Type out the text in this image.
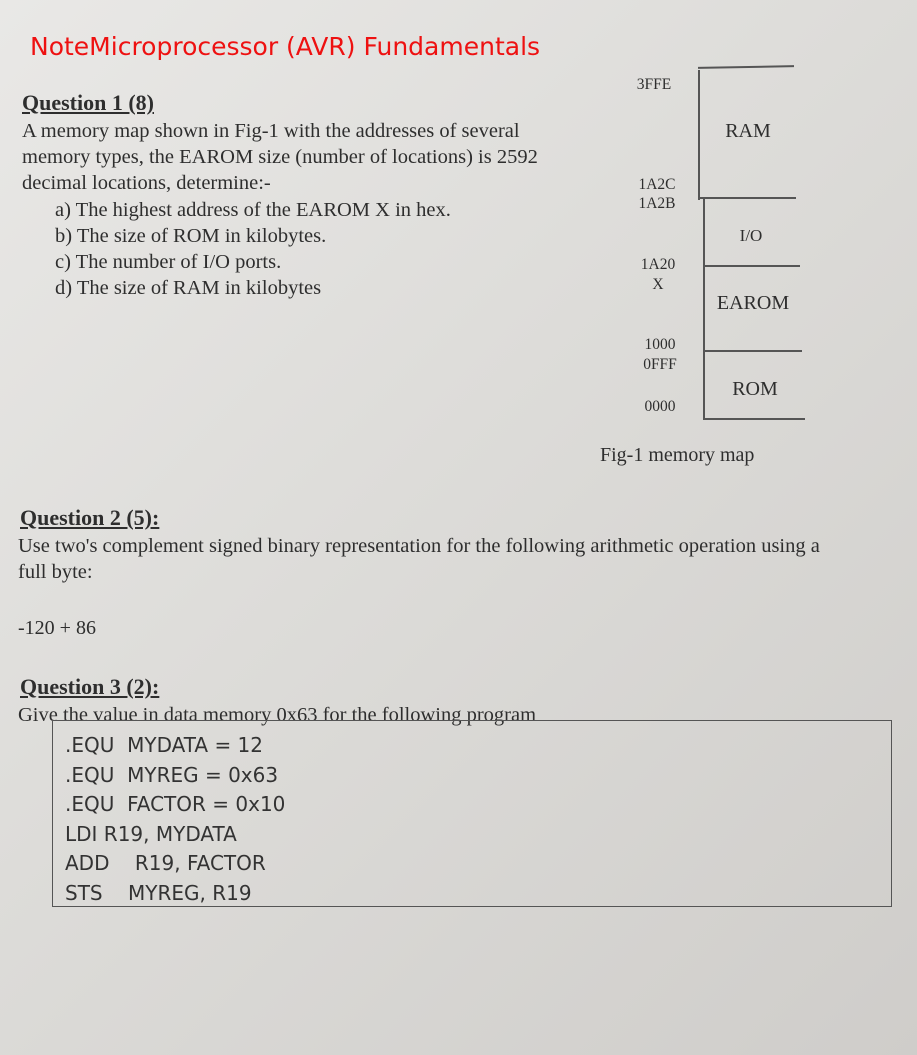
NoteMicroprocessor (AVR) Fundamentals
Question 1 (8)
A memory map shown in Fig-1 with the addresses of several memory types, the EAROM size (number of locations) is 2592 decimal locations, determine:-
a) The highest address of the EAROM X in hex.
b) The size of ROM in kilobytes.
c) The number of I/O ports.
d) The size of RAM in kilobytes
3FFE
1A2C
1A2B
1A20
X
1000
0FFF
0000
RAM
I/O
EAROM
ROM
Fig-1 memory map
Question 2 (5):
Use two's complement signed binary representation for the following arithmetic operation using a full byte:
-120 + 86
Question 3 (2):
Give the value in data memory 0x63 for the following program
.EQU  MYDATA = 12
.EQU  MYREG = 0x63
.EQU  FACTOR = 0x10
LDI R19, MYDATA
ADD    R19, FACTOR
STS    MYREG, R19
